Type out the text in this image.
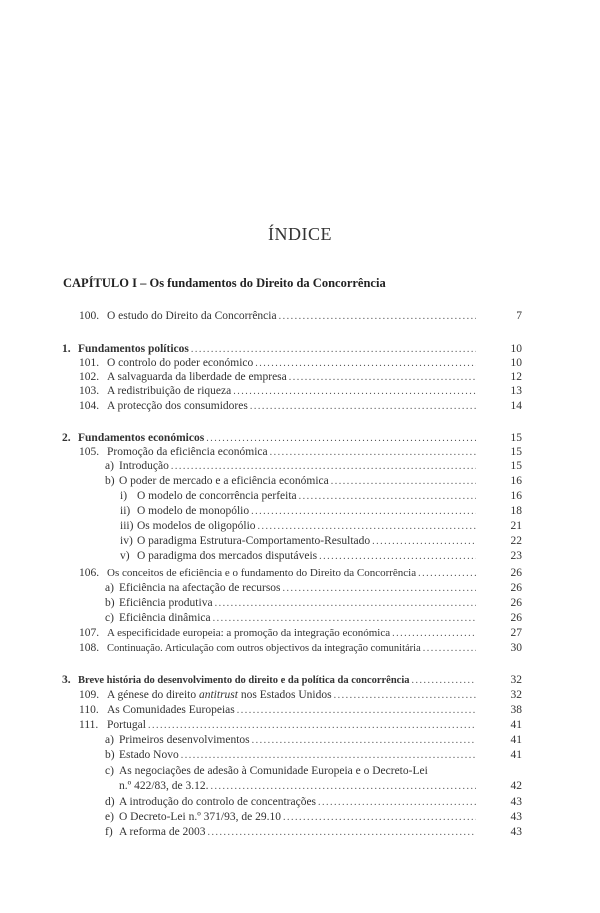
ÍNDICE
CAPÍTULO I – Os fundamentos do Direito da Concorrência
100. O estudo do Direito da Concorrência . . .	7
1. Fundamentos políticos . . .	10
101. O controlo do poder económico . . .	10
102. A salvaguarda da liberdade de empresa . . .	12
103. A redistribuição de riqueza . . .	13
104. A protecção dos consumidores . . .	14
2. Fundamentos económicos . . .	15
105. Promoção da eficiência económica . . .	15
a) Introdução . . .	15
b) O poder de mercado e a eficiência económica . . .	16
i) O modelo de concorrência perfeita . . .	16
ii) O modelo de monopólio . . .	18
iii) Os modelos de oligopólio . . .	21
iv) O paradigma Estrutura-Comportamento-Resultado . . .	22
v) O paradigma dos mercados disputáveis . . .	23
106. Os conceitos de eficiência e o fundamento do Direito da Concorrência . . .	26
a) Eficiência na afectação de recursos . . .	26
b) Eficiência produtiva . . .	26
c) Eficiência dinâmica . . .	26
107. A especificidade europeia: a promoção da integração económica . . .	27
108. Continuação. Articulação com outros objectivos da integração comunitária . . .	30
3. Breve história do desenvolvimento do direito e da política da concorrência . . .	32
109. A génese do direito antitrust nos Estados Unidos . . .	32
110. As Comunidades Europeias . . .	38
111. Portugal . . .	41
a) Primeiros desenvolvimentos . . .	41
b) Estado Novo . . .	41
c) As negociações de adesão à Comunidade Europeia e o Decreto-Lei
n.º 422/83, de 3.12. . . .	42
d) A introdução do controlo de concentrações . . .	43
e) O Decreto-Lei n.º 371/93, de 29.10 . . .	43
f) A reforma de 2003 . . .	43
